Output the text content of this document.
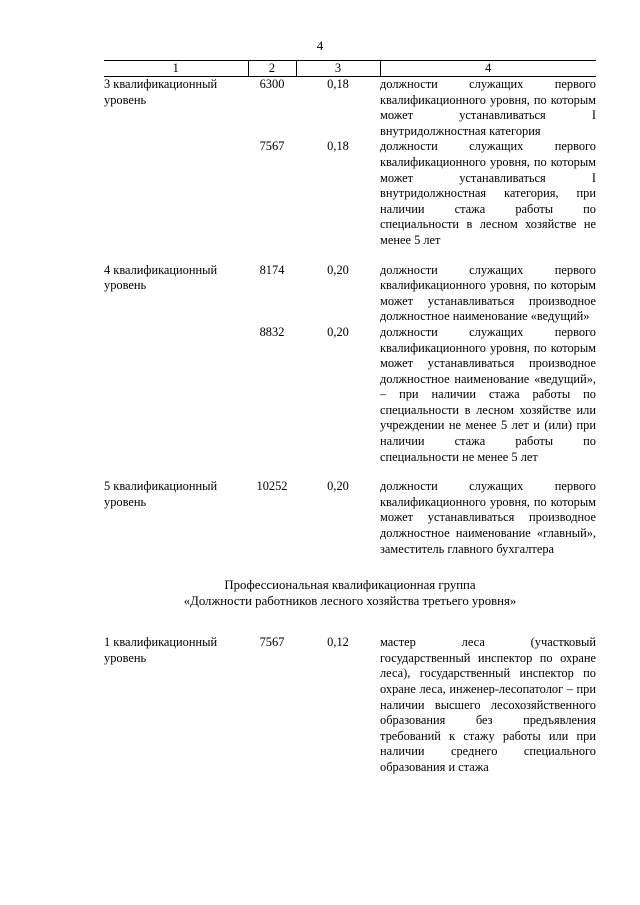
4
1	2	3	4
3 квалификационный уровень	6300	0,18	должности служащих первого квалификационного уровня, по которым может устанавливаться I внутридолжностная категория
	7567	0,18	должности служащих первого квалификационного уровня, по которым может устанавливаться I внутридолжностная категория, при наличии стажа работы по специальности в лесном хозяйстве не менее 5 лет

4 квалификационный уровень	8174	0,20	должности служащих первого квалификационного уровня, по которым может устанавливаться производное должностное наименование «ведущий»
	8832	0,20	должности служащих первого квалификационного уровня, по которым может устанавливаться производное должностное наименование «ведущий», – при наличии стажа работы по специальности в лесном хозяйстве или учреждении не менее 5 лет и (или) при наличии стажа работы по специальности не менее 5 лет

5 квалификационный уровень	10252	0,20	должности служащих первого квалификационного уровня, по которым может устанавливаться производное должностное наименование «главный», заместитель главного бухгалтера

Профессиональная квалификационная группа
«Должности работников лесного хозяйства третьего уровня»			

1 квалификационный уровень	7567	0,12	мастер леса (участковый государственный инспектор по охране леса), государственный инспектор по охране леса, инженер-лесопатолог – при наличии высшего лесохозяйственного образования без предъявления требований к стажу работы или при наличии среднего специального образования и стажа
